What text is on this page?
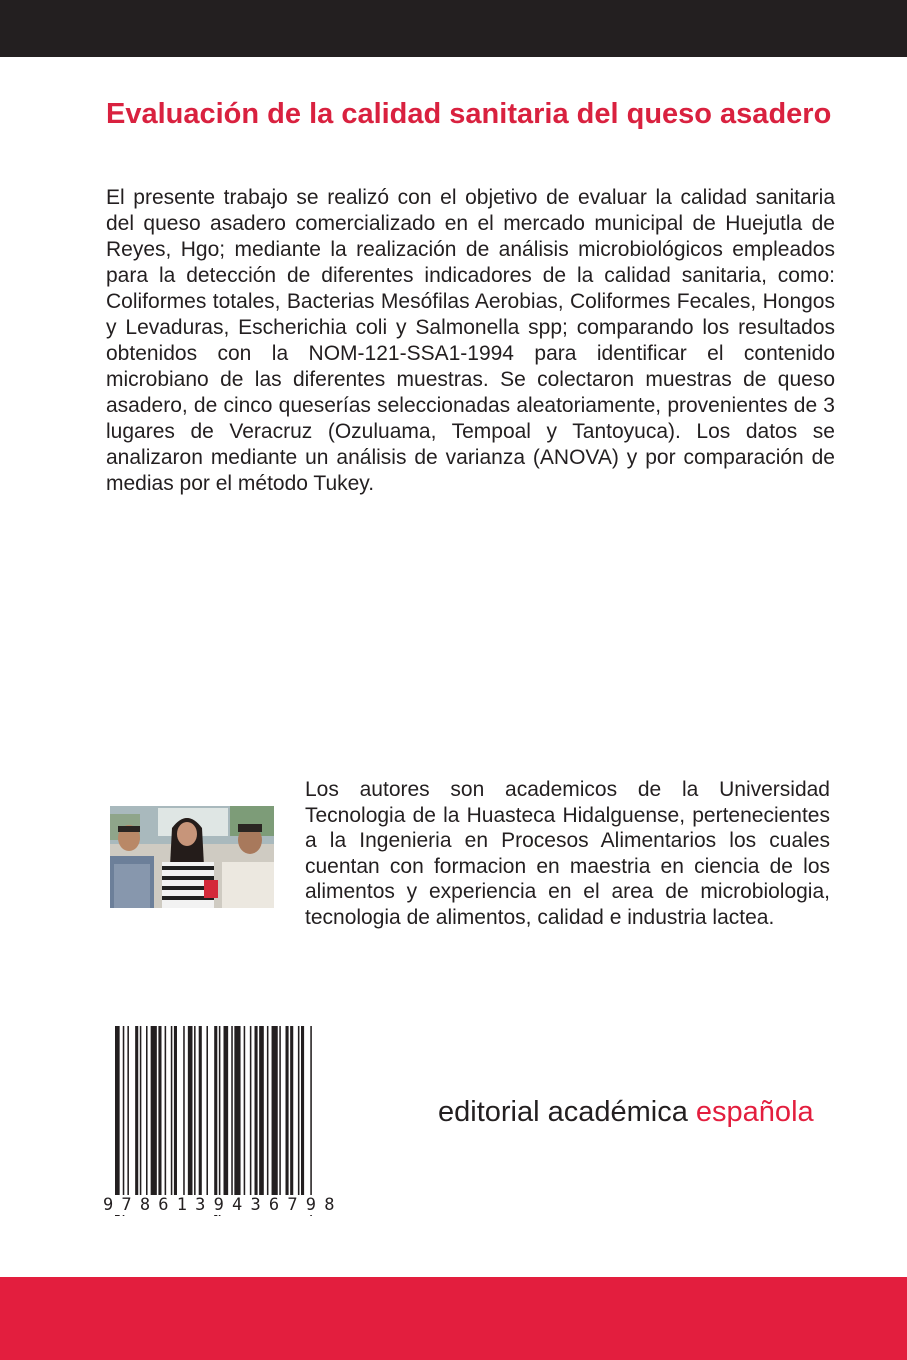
Evaluación de la calidad sanitaria del queso asadero

El presente trabajo se realizó con el objetivo de evaluar la calidad sanitaria del queso asadero comercializado en el mercado municipal de Huejutla de Reyes, Hgo; mediante la realización de análisis microbiológicos empleados para la detección de diferentes indicadores de la calidad sanitaria, como: Coliformes totales, Bacterias Mesófilas Aerobias, Coliformes Fecales, Hongos y Levaduras, Escherichia coli y Salmonella spp; comparando los resultados obtenidos con la NOM-121-SSA1-1994 para identificar el contenido microbiano de las diferentes muestras. Se colectaron muestras de queso asadero, de cinco queserías seleccionadas aleatoriamente, provenientes de 3 lugares de Veracruz (Ozuluama, Tempoal y Tantoyuca). Los datos se analizaron mediante un análisis de varianza (ANOVA) y por comparación de medias por el método Tukey.

Los autores son academicos de la Universidad Tecnologia de la Huasteca Hidalguense, pertenecientes a la Ingenieria en Procesos Alimentarios los cuales cuentan con formacion en maestria en ciencia de los alimentos y experiencia en el area de microbiologia, tecnologia de alimentos, calidad e industria lactea.

9786139436798
editorial académica española
